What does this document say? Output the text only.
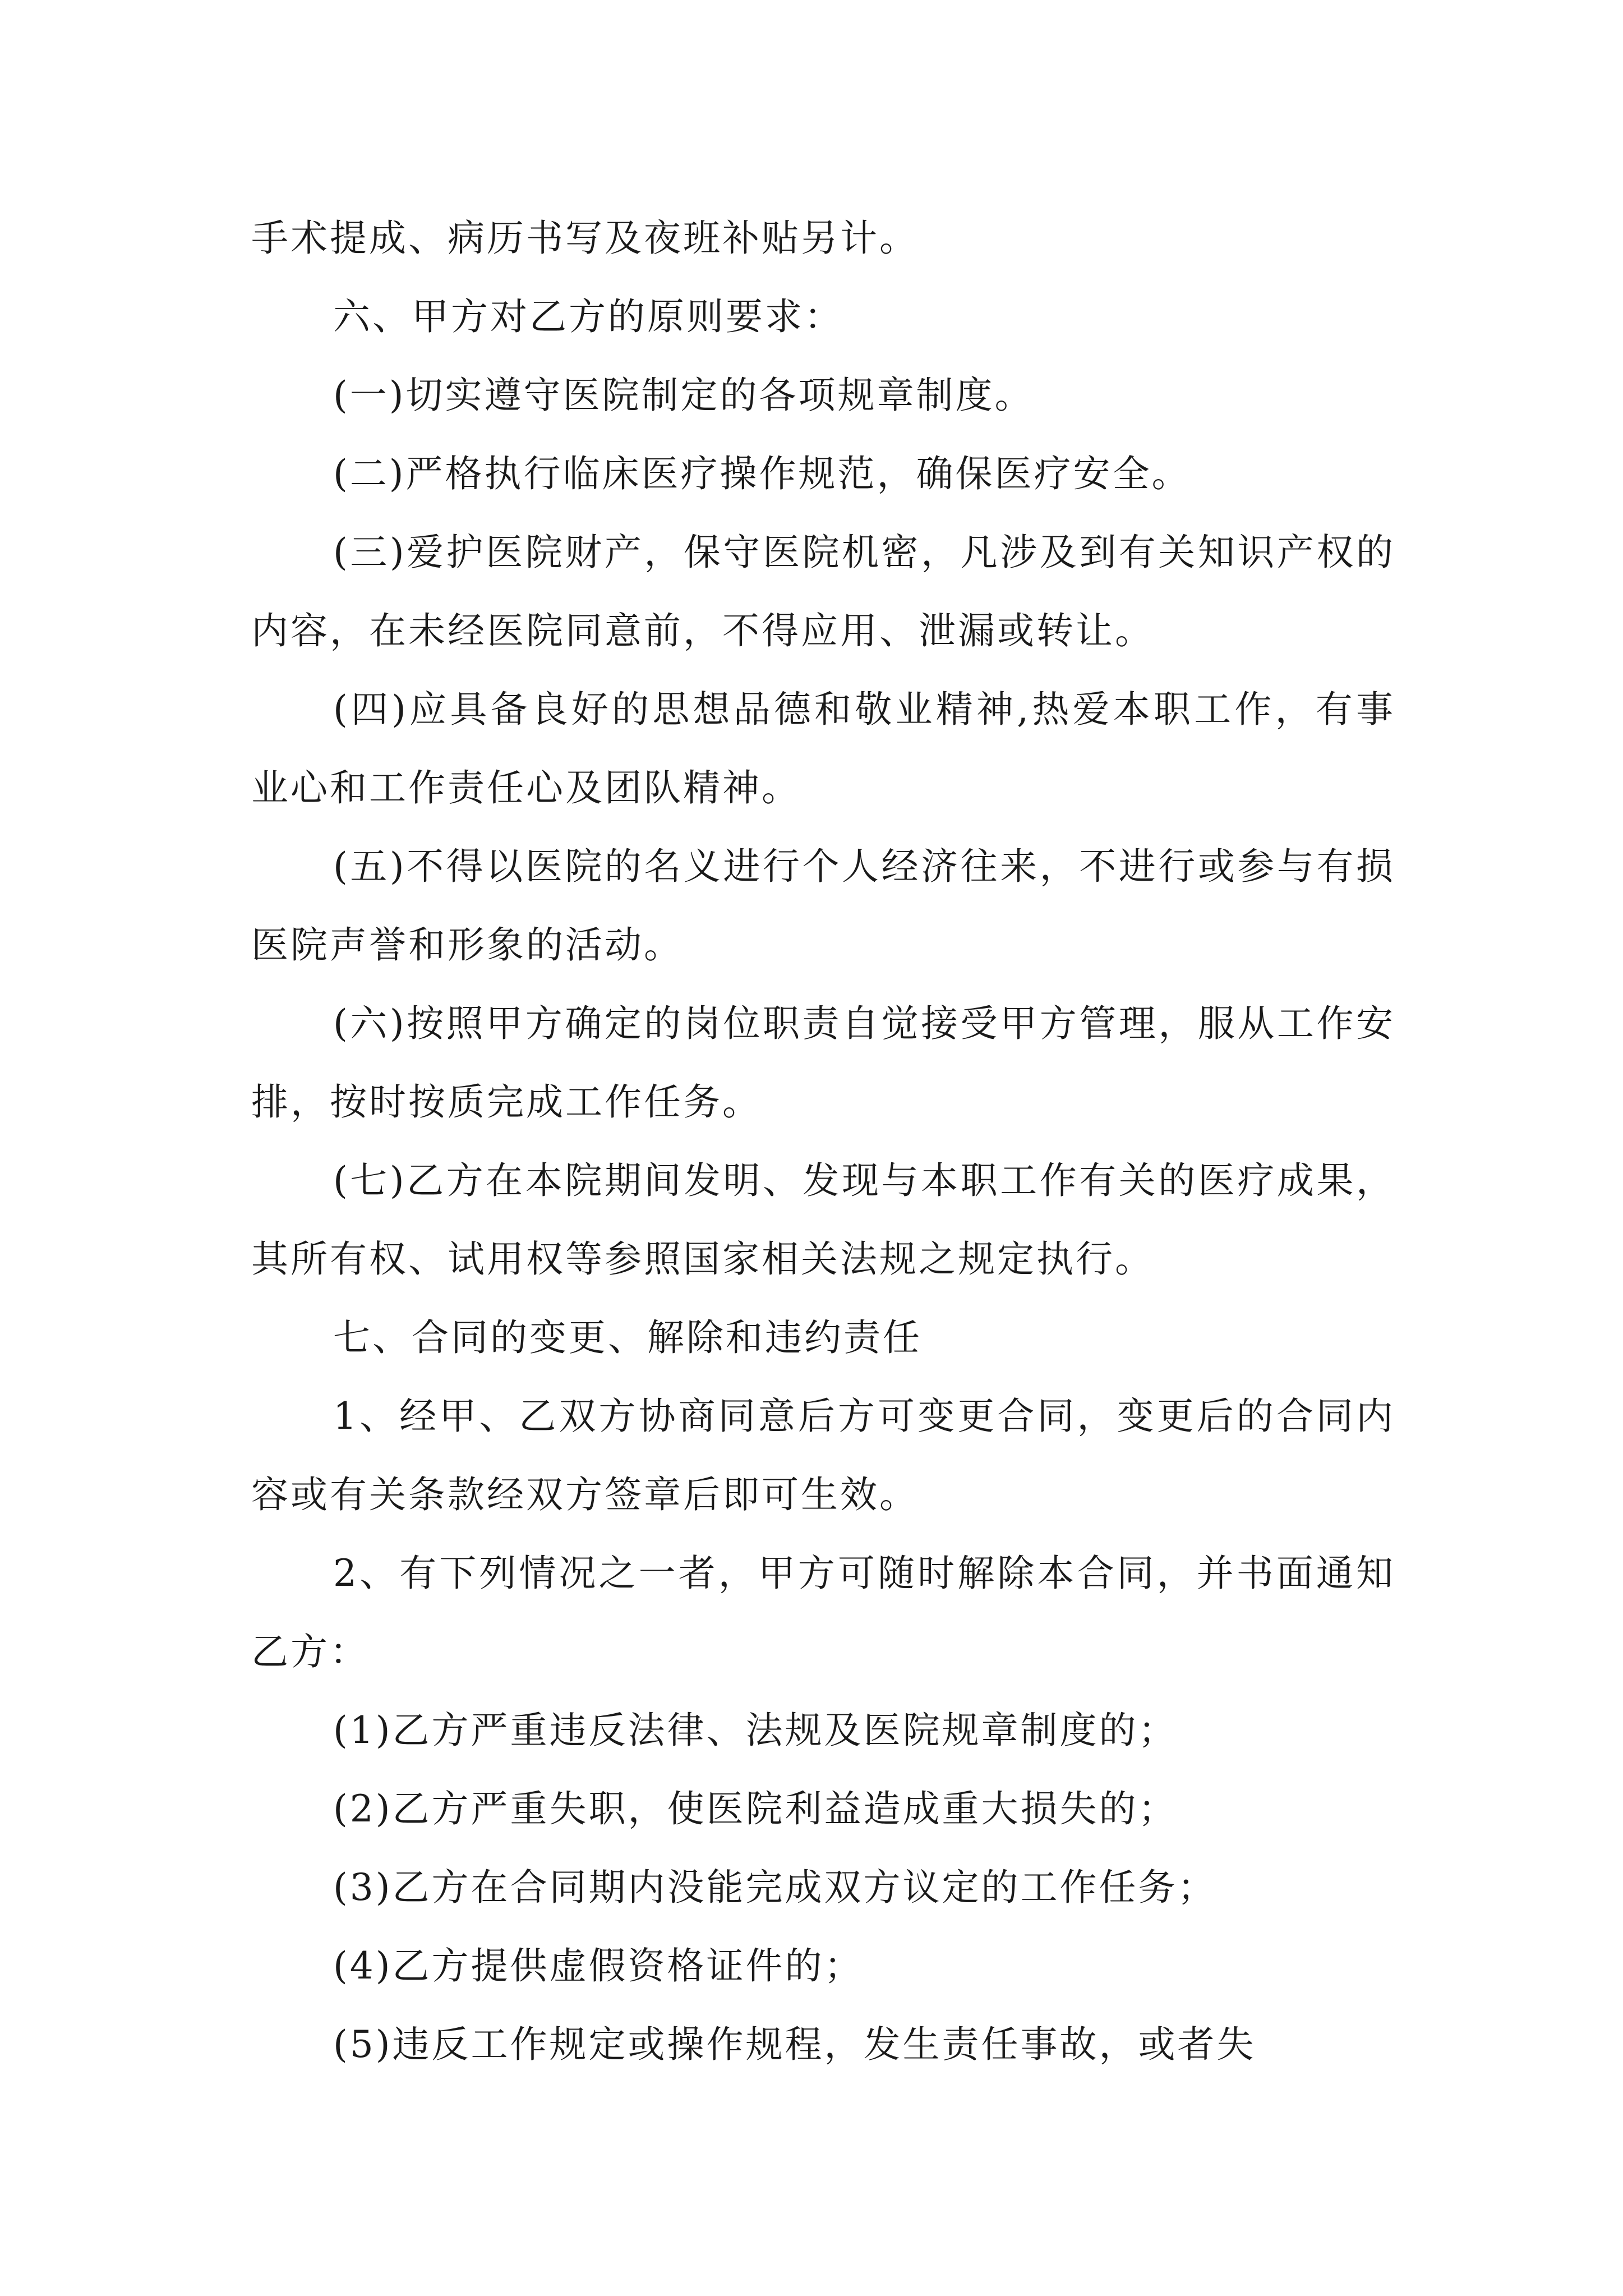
手术提成、病历书写及夜班补贴另计。

六、甲方对乙方的原则要求：

(一)切实遵守医院制定的各项规章制度。

(二)严格执行临床医疗操作规范，确保医疗安全。

(三)爱护医院财产，保守医院机密，凡涉及到有关知识产权的内容，在未经医院同意前，不得应用、泄漏或转让。

(四)应具备良好的思想品德和敬业精神,热爱本职工作，有事业心和工作责任心及团队精神。

(五)不得以医院的名义进行个人经济往来，不进行或参与有损医院声誉和形象的活动。

(六)按照甲方确定的岗位职责自觉接受甲方管理，服从工作安排，按时按质完成工作任务。

(七)乙方在本院期间发明、发现与本职工作有关的医疗成果，其所有权、试用权等参照国家相关法规之规定执行。

七、合同的变更、解除和违约责任

1、经甲、乙双方协商同意后方可变更合同，变更后的合同内容或有关条款经双方签章后即可生效。

2、有下列情况之一者，甲方可随时解除本合同，并书面通知乙方：

(1)乙方严重违反法律、法规及医院规章制度的；

(2)乙方严重失职，使医院利益造成重大损失的；

(3)乙方在合同期内没能完成双方议定的工作任务；

(4)乙方提供虚假资格证件的；

(5)违反工作规定或操作规程，发生责任事故，或者失
